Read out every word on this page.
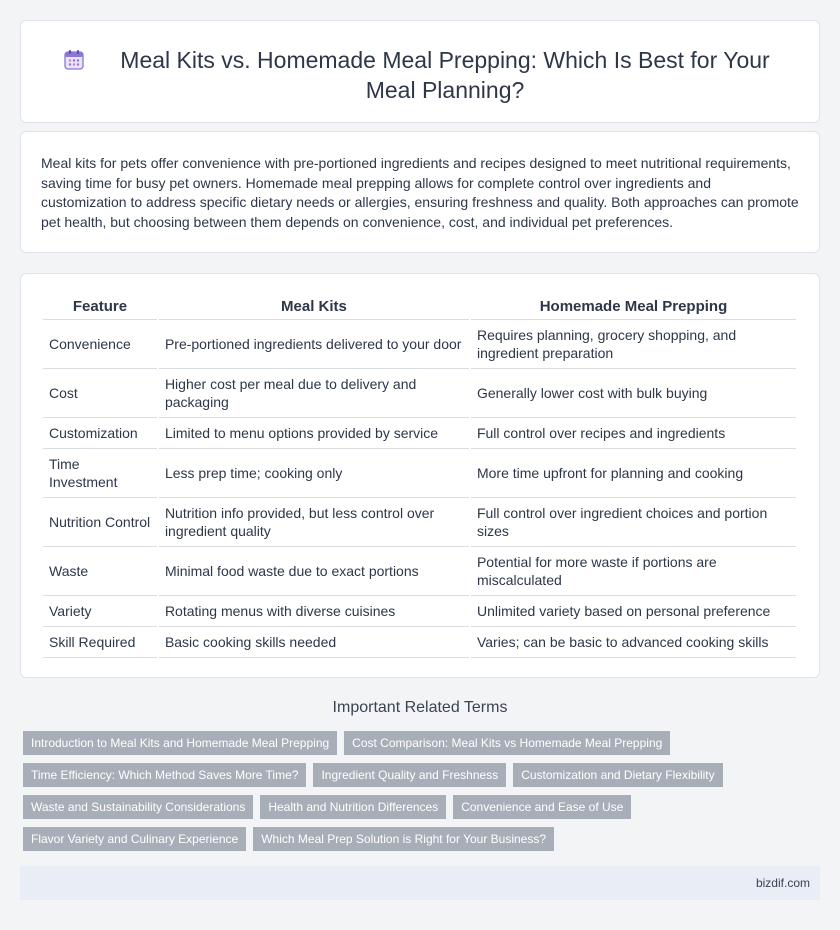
Meal Kits vs. Homemade Meal Prepping: Which Is Best for Your Meal Planning?

Meal kits for pets offer convenience with pre-portioned ingredients and recipes designed to meet nutritional requirements, saving time for busy pet owners. Homemade meal prepping allows for complete control over ingredients and customization to address specific dietary needs or allergies, ensuring freshness and quality. Both approaches can promote pet health, but choosing between them depends on convenience, cost, and individual pet preferences.

Feature	Meal Kits	Homemade Meal Prepping
Convenience	Pre-portioned ingredients delivered to your door	Requires planning, grocery shopping, and ingredient preparation
Cost	Higher cost per meal due to delivery and packaging	Generally lower cost with bulk buying
Customization	Limited to menu options provided by service	Full control over recipes and ingredients
Time Investment	Less prep time; cooking only	More time upfront for planning and cooking
Nutrition Control	Nutrition info provided, but less control over ingredient quality	Full control over ingredient choices and portion sizes
Waste	Minimal food waste due to exact portions	Potential for more waste if portions are miscalculated
Variety	Rotating menus with diverse cuisines	Unlimited variety based on personal preference
Skill Required	Basic cooking skills needed	Varies; can be basic to advanced cooking skills
Important Related Terms
Introduction to Meal Kits and Homemade Meal Prepping	Cost Comparison: Meal Kits vs Homemade Meal Prepping
Time Efficiency: Which Method Saves More Time?	Ingredient Quality and Freshness	Customization and Dietary Flexibility
Waste and Sustainability Considerations	Health and Nutrition Differences	Convenience and Ease of Use
Flavor Variety and Culinary Experience	Which Meal Prep Solution is Right for Your Business?
bizdif.com
